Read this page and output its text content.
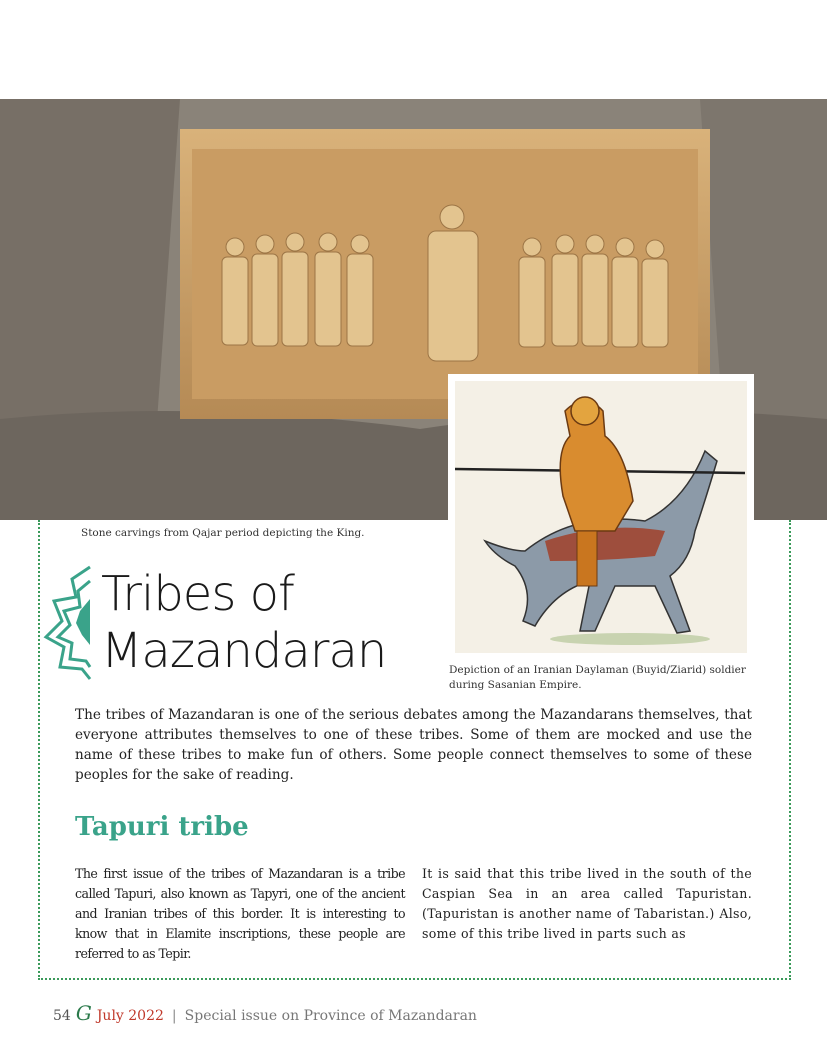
Stone carvings from Qajar period depicting the King.
Depiction of an Iranian Daylaman (Buyid/Ziarid) soldier during Sasanian Empire.
Tribes of
Mazandaran
The tribes of Mazandaran is one of the serious debates among the Mazandarans themselves, that everyone attributes themselves to one of these tribes. Some of them are mocked and use the name of these tribes to make fun of others. Some people connect themselves to some of these peoples for the sake of reading.
Tapuri tribe
The first issue of the tribes of Mazandaran is a tribe called Tapuri, also known as Tapyri, one of the ancient and Iranian tribes of this border. It is interesting to know that in Elamite inscriptions, these people are referred to as Tepir.
It is said that this tribe lived in the south of the Caspian Sea in an area called Tapuristan. (Tapuristan is another name of Tabaristan.) Also, some of this tribe lived in parts such as
54 G July 2022 | Special issue on Province of Mazandaran
